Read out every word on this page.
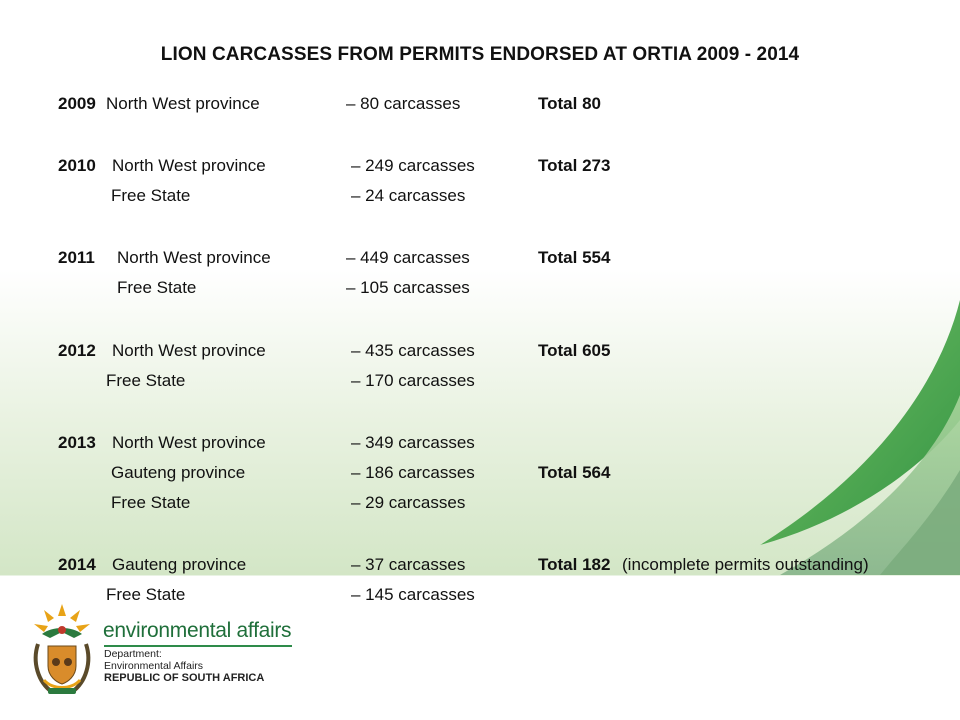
LION CARCASSES FROM PERMITS ENDORSED AT ORTIA 2009 - 2014
2009 North West province	– 80 carcasses	Total 80
2010 North West province	– 249 carcasses	Total 273
Free State	– 24 carcasses
2011 North West province	– 449 carcasses	Total 554
Free State	– 105 carcasses
2012 North West province	– 435 carcasses	Total 605
Free State	– 170 carcasses
2013 North West province	– 349 carcasses
Gauteng province	– 186 carcasses	Total 564
Free State	– 29 carcasses
2014 Gauteng province	– 37 carcasses	Total 182 (incomplete permits outstanding)
Free State	– 145 carcasses
environmental affairs
Department:
Environmental Affairs
REPUBLIC OF SOUTH AFRICA
